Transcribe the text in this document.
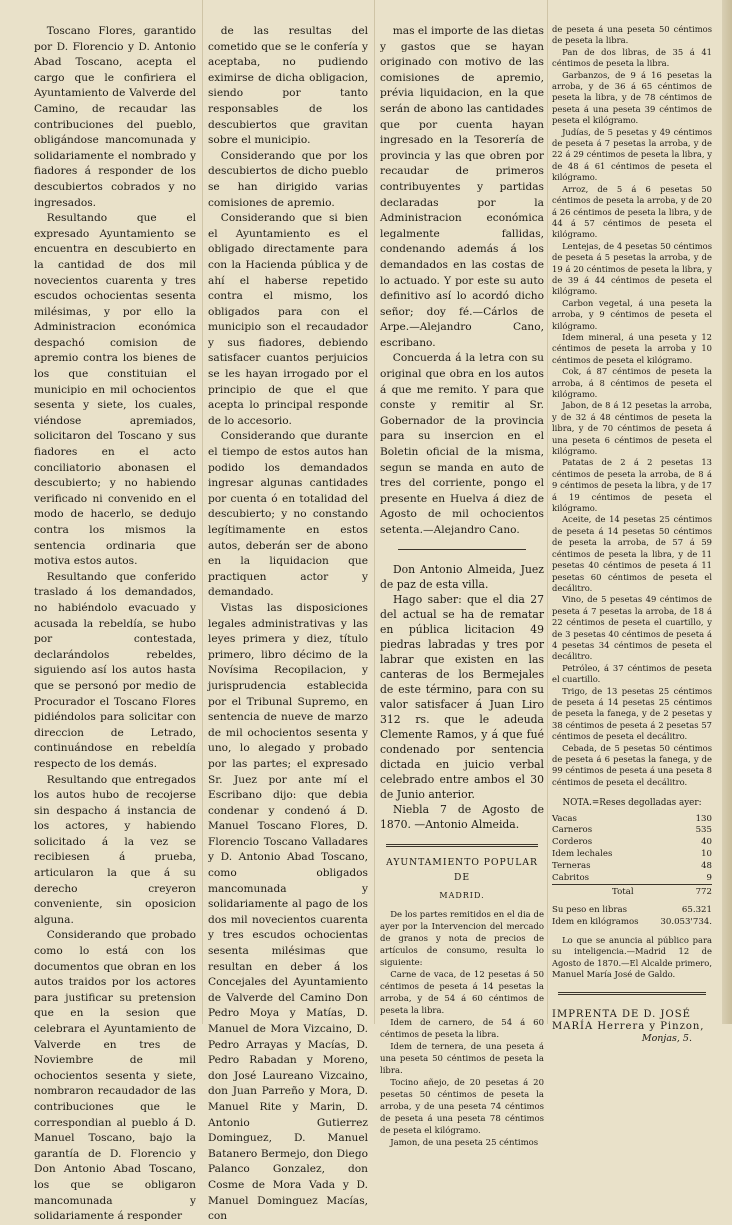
Toscano Flores, garantido por D. Florencio y D. Antonio Abad Toscano, acepta el cargo que le confiriera el Ayuntamiento de Valverde del Camino, de recaudar las contribuciones del pueblo, obligándose mancomunada y solidariamente el nombrado y fiadores á responder de los descubiertos cobrados y no ingresados.

Resultando que el expresado Ayuntamiento se encuentra en descubierto en la cantidad de dos mil novecientos cuarenta y tres escudos ochocientas sesenta milésimas, y por ello la Administracion económica despachó comision de apremio contra los bienes de los que constituian el municipio en mil ochocientos sesenta y siete, los cuales, viéndose apremiados, solicitaron del Toscano y sus fiadores en el acto conciliatorio abonasen el descubierto; y no habiendo verificado ni convenido en el modo de hacerlo, se dedujo contra los mismos la sentencia ordinaria que motiva estos autos.

Resultando que conferido traslado á los demandados, no habiéndolo evacuado y acusada la rebeldía, se hubo por contestada, declarándolos rebeldes, siguiendo así los autos hasta que se personó por medio de Procurador el Toscano Flores pidiéndolos para solicitar con direccion de Letrado, continuándose en rebeldía respecto de los demás.

Resultando que entregados los autos hubo de recojerse sin despacho á instancia de los actores, y habiendo solicitado á la vez se recibiesen á prueba, articularon la que á su derecho creyeron conveniente, sin oposicion alguna.

Considerando que probado como lo está con los documentos que obran en los autos traidos por los actores para justificar su pretension que en la sesion que celebrara el Ayuntamiento de Valverde en tres de Noviembre de mil ochocientos sesenta y siete, nombraron recaudador de las contribuciones que le correspondian al pueblo á D. Manuel Toscano, bajo la garantía de D. Florencio y Don Antonio Abad Toscano, los que se obligaron mancomunada y solidariamente á responder

de las resultas del cometido que se le confería y aceptaba, no pudiendo eximirse de dicha obligacion, siendo por tanto responsables de los descubiertos que gravitan sobre el municipio.

Considerando que por los descubiertos de dicho pueblo se han dirigido varias comisiones de apremio.

Considerando que si bien el Ayuntamiento es el obligado directamente para con la Hacienda pública y de ahí el haberse repetido contra el mismo, los obligados para con el municipio son el recaudador y sus fiadores, debiendo satisfacer cuantos perjuicios se les hayan irrogado por el principio de que el que acepta lo principal responde de lo accesorio.

Considerando que durante el tiempo de estos autos han podido los demandados ingresar algunas cantidades por cuenta ó en totalidad del descubierto; y no constando legítimamente en estos autos, deberán ser de abono en la liquidacion que practiquen actor y demandado.

Vistas las disposiciones legales administrativas y las leyes primera y diez, título primero, libro décimo de la Novísima Recopilacion, y jurisprudencia establecida por el Tribunal Supremo, en sentencia de nueve de marzo de mil ochocientos sesenta y uno, lo alegado y probado por las partes; el expresado Sr. Juez por ante mí el Escribano dijo: que debia condenar y condenó á D. Manuel Toscano Flores, D. Florencio Toscano Valladares y D. Antonio Abad Toscano, como obligados mancomunada y solidariamente al pago de los dos mil novecientos cuarenta y tres escudos ochocientas sesenta milésimas que resultan en deber á los Concejales del Ayuntamiento de Valverde del Camino Don Pedro Moya y Matías, D. Manuel de Mora Vizcaino, D. Pedro Arrayas y Macías, D. Pedro Rabadan y Moreno, don José Laureano Vizcaino, don Juan Parreño y Mora, D. Manuel Rite y Marin, D. Antonio Gutierrez Dominguez, D. Manuel Batanero Bermejo, don Diego Palanco Gonzalez, don Cosme de Mora Vada y D. Manuel Dominguez Macías, con

mas el importe de las dietas y gastos que se hayan originado con motivo de las comisiones de apremio, prévia liquidacion, en la que serán de abono las cantidades que por cuenta hayan ingresado en la Tesorería de provincia y las que obren por recaudar de primeros contribuyentes y partidas declaradas por la Administracion económica legalmente fallidas, condenando además á los demandados en las costas de lo actuado. Y por este su auto definitivo así lo acordó dicho señor; doy fé.—Cárlos de Arpe.—Alejandro Cano, escribano.

Concuerda á la letra con su original que obra en los autos á que me remito. Y para que conste y remitir al Sr. Gobernador de la provincia para su insercion en el Boletin oficial de la misma, segun se manda en auto de tres del corriente, pongo el presente en Huelva á diez de Agosto de mil ochocientos setenta.—Alejandro Cano.

Don Antonio Almeida, Juez de paz de esta villa.

Hago saber: que el dia 27 del actual se ha de rematar en pública licitacion 49 piedras labradas y tres por labrar que existen en las canteras de los Bermejales de este término, para con su valor satisfacer á Juan Liro 312 rs. que le adeuda Clemente Ramos, y á que fué condenado por sentencia dictada en juicio verbal celebrado entre ambos el 30 de Junio anterior.

Niebla 7 de Agosto de 1870. —Antonio Almeida.

AYUNTAMIENTO POPULAR DE
MADRID.

De los partes remitidos en el dia de ayer por la Intervencion del mercado de granos y nota de precios de artículos de consumo, resulta lo siguiente:

Carne de vaca, de 12 pesetas á 50 céntimos de peseta á 14 pesetas la arroba, y de 54 á 60 céntimos de peseta la libra.

Idem de carnero, de 54 á 60 céntimos de peseta la libra.

Idem de ternera, de una peseta á una peseta 50 céntimos de peseta la libra.

Tocino añejo, de 20 pesetas á 20 pesetas 50 céntimos de peseta la arroba, y de una peseta 74 céntimos de peseta á una peseta 78 céntimos de peseta el kilógramo.

Jamon, de una peseta 25 céntimos

de peseta á una peseta 50 céntimos de peseta la libra.

Pan de dos libras, de 35 á 41 céntimos de peseta la libra.

Garbanzos, de 9 á 16 pesetas la arroba, y de 36 á 65 céntimos de peseta la libra, y de 78 céntimos de peseta á una peseta 39 céntimos de peseta el kilógramo.

Judías, de 5 pesetas y 49 céntimos de peseta á 7 pesetas la arroba, y de 22 á 29 céntimos de peseta la libra, y de 48 á 61 céntimos de peseta el kilógramo.

Arroz, de 5 á 6 pesetas 50 céntimos de peseta la arroba, y de 20 á 26 céntimos de peseta la libra, y de 44 á 57 céntimos de peseta el kilógramo.

Lentejas, de 4 pesetas 50 céntimos de peseta á 5 pesetas la arroba, y de 19 á 20 céntimos de peseta la libra, y de 39 á 44 céntimos de peseta el kilógramo.

Carbon vegetal, á una peseta la arroba, y 9 céntimos de peseta el kilógramo.

Idem mineral, á una peseta y 12 céntimos de peseta la arroba y 10 céntimos de peseta el kilógramo.

Cok, á 87 céntimos de peseta la arroba, á 8 céntimos de peseta el kilógramo.

Jabon, de 8 á 12 pesetas la arroba, y de 32 á 48 céntimos de peseta la libra, y de 70 céntimos de peseta á una peseta 6 céntimos de peseta el kilógramo.

Patatas de 2 á 2 pesetas 13 céntimos de peseta la arroba, de 8 á 9 céntimos de peseta la libra, y de 17 á 19 céntimos de peseta el kilógramo.

Aceite, de 14 pesetas 25 céntimos de peseta á 14 pesetas 50 céntimos de peseta la arroba, de 57 á 59 céntimos de peseta la libra, y de 11 pesetas 40 céntimos de peseta á 11 pesetas 60 céntimos de peseta el decálitro.

Vino, de 5 pesetas 49 céntimos de peseta á 7 pesetas la arroba, de 18 á 22 céntimos de peseta el cuartillo, y de 3 pesetas 40 céntimos de peseta á 4 pesetas 34 céntimos de peseta el decálitro.

Petróleo, á 37 céntimos de peseta el cuartillo.

Trigo, de 13 pesetas 25 céntimos de peseta á 14 pesetas 25 céntimos de peseta la fanega, y de 2 pesetas y 38 céntimos de peseta á 2 pesetas 57 céntimos de peseta el decálitro.

Cebada, de 5 pesetas 50 céntimos de peseta á 6 pesetas la fanega, y de 99 céntimos de peseta á una peseta 8 céntimos de peseta el decálitro.

NOTA.=Reses degolladas ayer:
Vacas	130
Carneros	535
Corderos	40
Idem lechales	10
Terneras	48
Cabritos	9
Total	772
Su peso en libras	65.321
Idem en kilógramos	30.053'734.

Lo que se anuncia al público para su inteligencia.—Madrid 12 de Agosto de 1870.—El Alcalde primero, Manuel María José de Galdo.

IMPRENTA DE D. JOSÉ MARÍA Herrera y Pinzon,
Monjas, 5.
